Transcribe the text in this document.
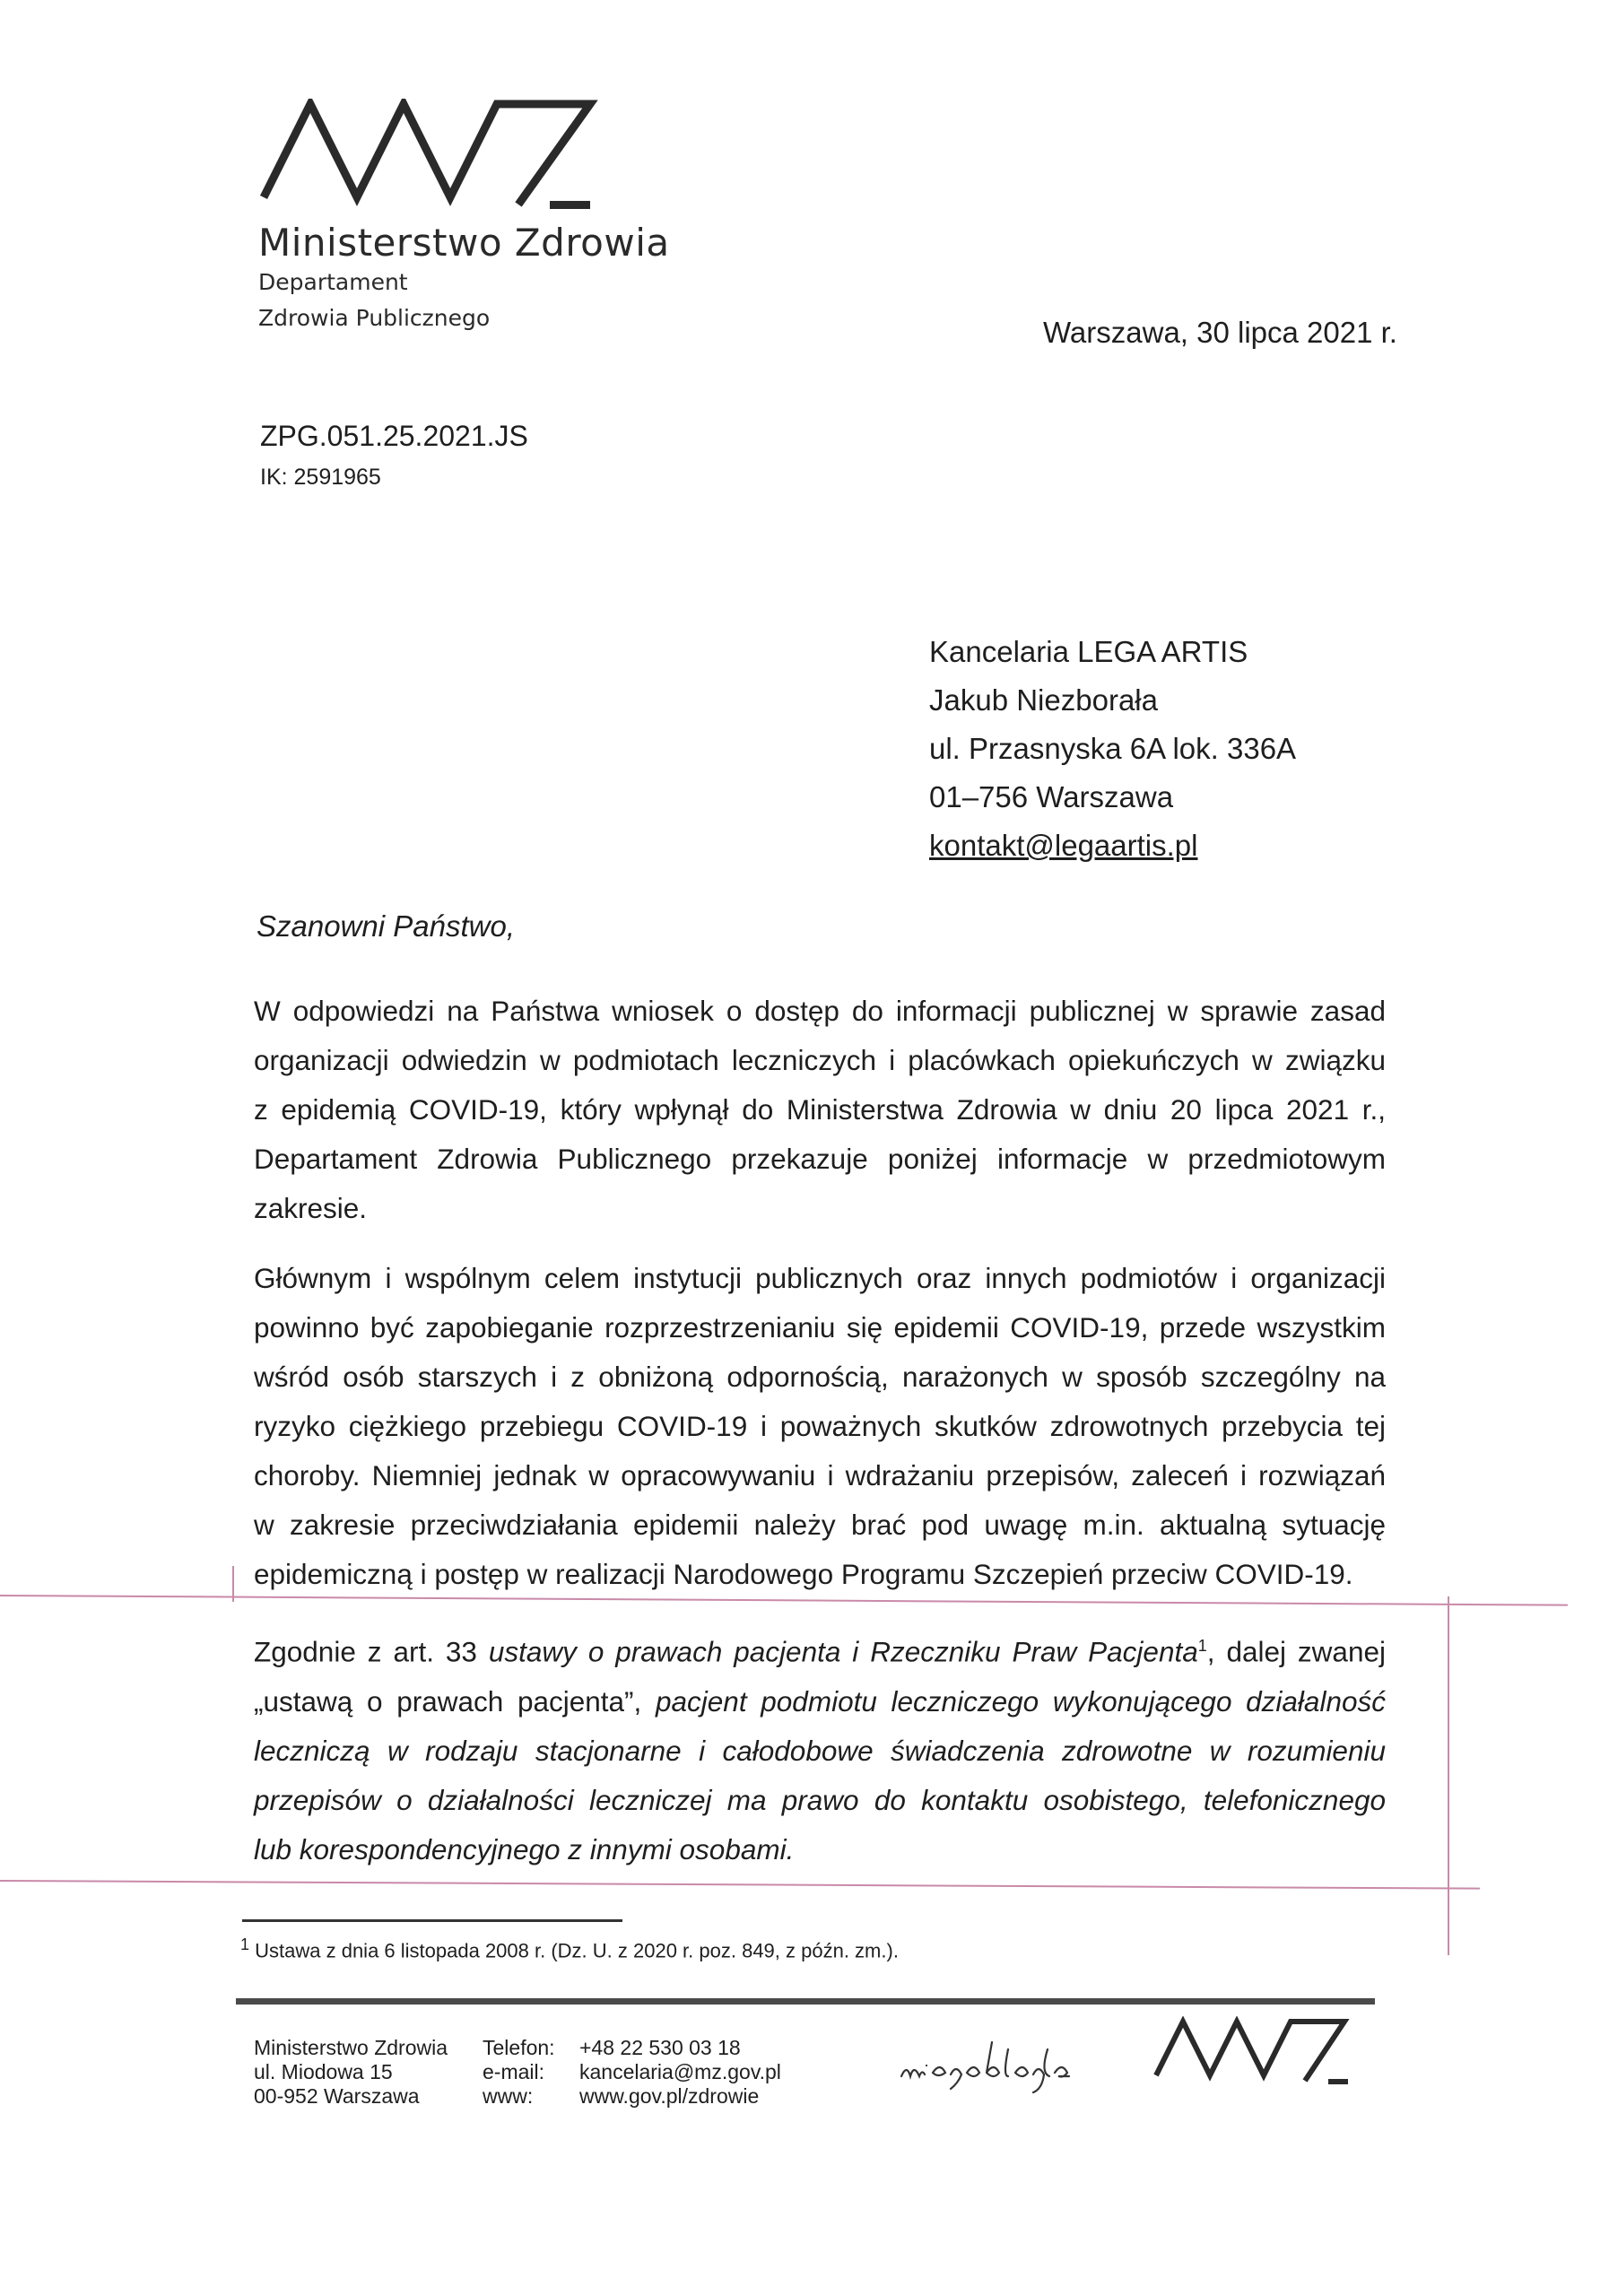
Ministerstwo Zdrowia
Departament
Zdrowia Publicznego	Warszawa, 30 lipca 2021 r.
ZPG.051.25.2021.JS
IK: 2591965
Kancelaria LEGA ARTIS
Jakub Niezborała
ul. Przasnyska 6A lok. 336A
01–756 Warszawa
kontakt@legaartis.pl
Szanowni Państwo,
W odpowiedzi na Państwa wniosek o dostęp do informacji publicznej w sprawie zasad
organizacji odwiedzin w podmiotach leczniczych i placówkach opiekuńczych w związku
z epidemią COVID-19, który wpłynął do Ministerstwa Zdrowia w dniu 20 lipca 2021 r.,
Departament Zdrowia Publicznego przekazuje poniżej informacje w przedmiotowym
zakresie.
Głównym i wspólnym celem instytucji publicznych oraz innych podmiotów i organizacji
powinno być zapobieganie rozprzestrzenianiu się epidemii COVID-19, przede wszystkim
wśród osób starszych i z obniżoną odpornością, narażonych w sposób szczególny na
ryzyko ciężkiego przebiegu COVID-19 i poważnych skutków zdrowotnych przebycia tej
choroby. Niemniej jednak w opracowywaniu i wdrażaniu przepisów, zaleceń i rozwiązań
w zakresie przeciwdziałania epidemii należy brać pod uwagę m.in. aktualną sytuację
epidemiczną i postęp w realizacji Narodowego Programu Szczepień przeciw COVID-19.
Zgodnie z art. 33 ustawy o prawach pacjenta i Rzeczniku Praw Pacjenta$^1$, dalej zwanej
„ustawą o prawach pacjenta”, pacjent podmiotu leczniczego wykonującego działalność
leczniczą w rodzaju stacjonarne i całodobowe świadczenia zdrowotne w rozumieniu
przepisów o działalności leczniczej ma prawo do kontaktu osobistego, telefonicznego
lub korespondencyjnego z innymi osobami.
$^1$ Ustawa z dnia 6 listopada 2008 r. (Dz. U. z 2020 r. poz. 849, z późn. zm.).
Ministerstwo Zdrowia
ul. Miodowa 15
00-952 Warszawa
Telefon:
e-mail:
www:
+48 22 530 03 18
kancelaria@mz.gov.pl
www.gov.pl/zdrowie
